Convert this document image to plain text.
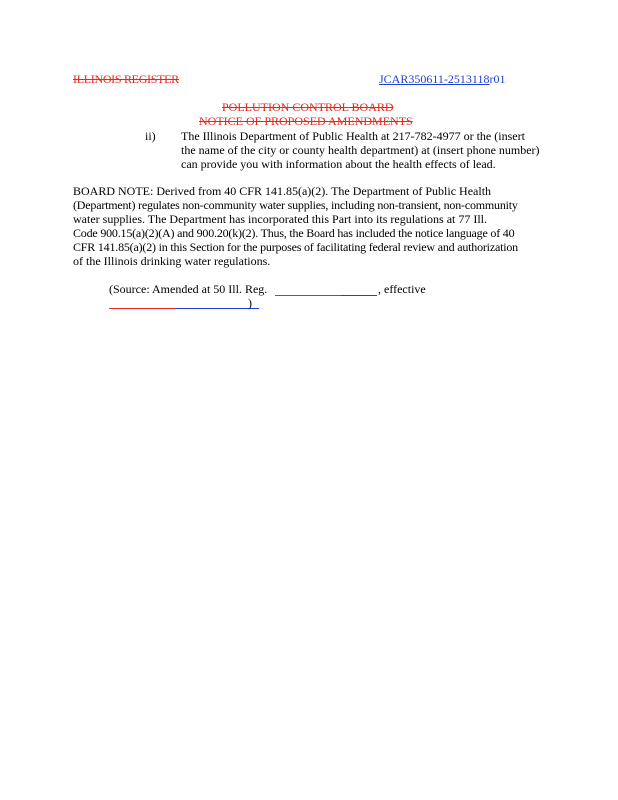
ILLINOIS REGISTER	JCAR350611-2513118r01
POLLUTION CONTROL BOARD
NOTICE OF PROPOSED AMENDMENTS
ii) The Illinois Department of Public Health at 217-782-4977 or the (insert
the name of the city or county health department) at (insert phone number)
can provide you with information about the health effects of lead.
BOARD NOTE: Derived from 40 CFR 141.85(a)(2). The Department of Public Health
(Department) regulates non-community water supplies, including non-transient, non-community
water supplies. The Department has incorporated this Part into its regulations at 77 Ill.
Code 900.15(a)(2)(A) and 900.20(k)(2). Thus, the Board has included the notice language of 40
CFR 141.85(a)(2) in this Section for the purposes of facilitating federal review and authorization
of the Illinois drinking water regulations.
(Source: Amended at 50 Ill. Reg.	, effective
)
